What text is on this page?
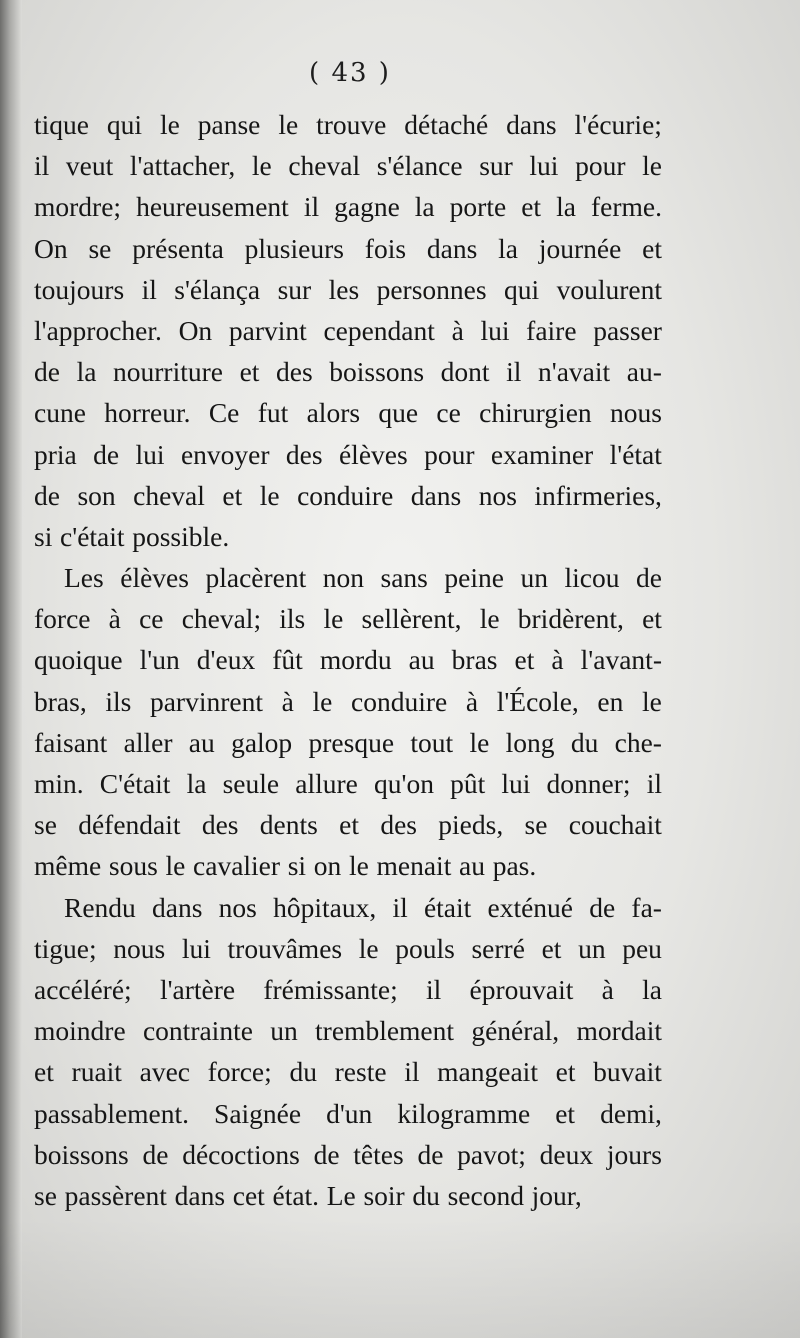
( 43 )
tique qui le panse le trouve détaché dans l'écurie;
il veut l'attacher, le cheval s'élance sur lui pour le
mordre; heureusement il gagne la porte et la ferme.
On se présenta plusieurs fois dans la journée et
toujours il s'élança sur les personnes qui voulurent
l'approcher. On parvint cependant à lui faire passer
de la nourriture et des boissons dont il n'avait au-
cune horreur. Ce fut alors que ce chirurgien nous
pria de lui envoyer des élèves pour examiner l'état
de son cheval et le conduire dans nos infirmeries,
si c'était possible.
Les élèves placèrent non sans peine un licou de
force à ce cheval; ils le sellèrent, le bridèrent, et
quoique l'un d'eux fût mordu au bras et à l'avant-
bras, ils parvinrent à le conduire à l'École, en le
faisant aller au galop presque tout le long du che-
min. C'était la seule allure qu'on pût lui donner; il
se défendait des dents et des pieds, se couchait
même sous le cavalier si on le menait au pas.
Rendu dans nos hôpitaux, il était exténué de fa-
tigue; nous lui trouvâmes le pouls serré et un peu
accéléré; l'artère frémissante; il éprouvait à la
moindre contrainte un tremblement général, mordait
et ruait avec force; du reste il mangeait et buvait
passablement. Saignée d'un kilogramme et demi,
boissons de décoctions de têtes de pavot; deux jours
se passèrent dans cet état. Le soir du second jour,
